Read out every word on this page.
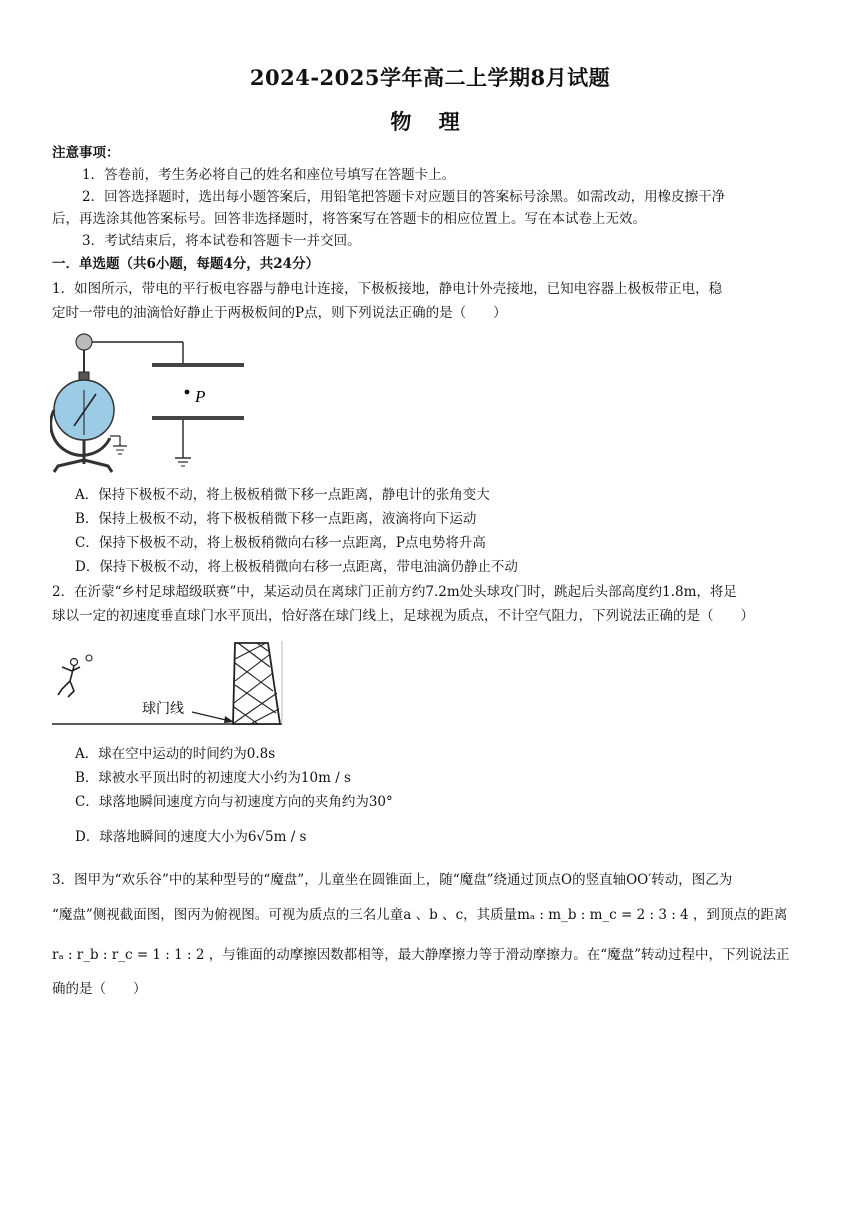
2024-2025学年高二上学期8月试题
物 理
注意事项：
1．答卷前，考生务必将自己的姓名和座位号填写在答题卡上。
2．回答选择题时，选出每小题答案后，用铅笔把答题卡对应题目的答案标号涂黑。如需改动，用橡皮擦干净
后，再选涂其他答案标号。回答非选择题时，将答案写在答题卡的相应位置上。写在本试卷上无效。
3．考试结束后，将本试卷和答题卡一并交回。
一．单选题（共6小题，每题4分，共24分）
1．如图所示，带电的平行板电容器与静电计连接，下极板接地，静电计外壳接地，已知电容器上极板带正电，稳
定时一带电的油滴恰好静止于两极板间的P点，则下列说法正确的是（　　）
P
A．保持下极板不动，将上极板稍微下移一点距离，静电计的张角变大
B．保持上极板不动，将下极板稍微下移一点距离，液滴将向下运动
C．保持下极板不动，将上极板稍微向右移一点距离，P点电势将升高
D．保持下极板不动，将上极板稍微向右移一点距离，带电油滴仍静止不动
2．在沂蒙“乡村足球超级联赛”中，某运动员在离球门正前方约7.2m处头球攻门时，跳起后头部高度约1.8m，将足
球以一定的初速度垂直球门水平顶出，恰好落在球门线上，足球视为质点，不计空气阻力，下列说法正确的是（　　）
球门线
A．球在空中运动的时间约为0.8s
B．球被水平顶出时的初速度大小约为10m / s
C．球落地瞬间速度方向与初速度方向的夹角约为30°
D．球落地瞬间的速度大小为6√5m / s
3．图甲为“欢乐谷”中的某种型号的“魔盘”，儿童坐在圆锥面上，随“魔盘”绕通过顶点O的竖直轴OO′转动，图乙为
“魔盘”侧视截面图，图丙为俯视图。可视为质点的三名儿童a 、b 、c，其质量mₐ : m_b : m_c = 2 : 3 : 4 ，到顶点的距离
rₐ : r_b : r_c = 1 : 1 : 2 ，与锥面的动摩擦因数都相等，最大静摩擦力等于滑动摩擦力。在“魔盘”转动过程中，下列说法正
确的是（　　）
